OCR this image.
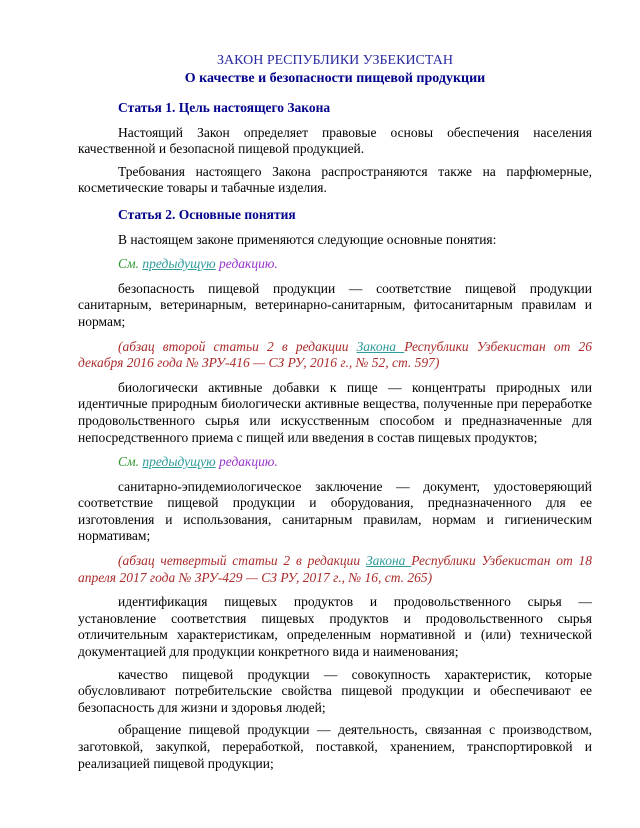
ЗАКОН РЕСПУБЛИКИ УЗБЕКИСТАН

О качестве и безопасности пищевой продукции

Статья 1. Цель настоящего Закона

Настоящий Закон определяет правовые основы обеспечения населения качественной и безопасной пищевой продукцией.

Требования настоящего Закона распространяются также на парфюмерные, косметические товары и табачные изделия.

Статья 2. Основные понятия

В настоящем законе применяются следующие основные понятия:

См. предыдущую редакцию.

безопасность пищевой продукции — соответствие пищевой продукции санитарным, ветеринарным, ветеринарно-санитарным, фитосанитарным правилам и нормам;

(абзац второй статьи 2 в редакции Закона Республики Узбекистан от 26 декабря 2016 года № ЗРУ-416 — СЗ РУ, 2016 г., № 52, ст. 597)

биологически активные добавки к пище — концентраты природных или идентичные природным биологически активные вещества, полученные при переработке продовольственного сырья или искусственным способом и предназначенные для непосредственного приема с пищей или введения в состав пищевых продуктов;

См. предыдущую редакцию.

санитарно-эпидемиологическое заключение — документ, удостоверяющий соответствие пищевой продукции и оборудования, предназначенного для ее изготовления и использования, санитарным правилам, нормам и гигиеническим нормативам;

(абзац четвертый статьи 2 в редакции Закона Республики Узбекистан от 18 апреля 2017 года № ЗРУ-429 — СЗ РУ, 2017 г., № 16, ст. 265)

идентификация пищевых продуктов и продовольственного сырья — установление соответствия пищевых продуктов и продовольственного сырья отличительным характеристикам, определенным нормативной и (или) технической документацией для продукции конкретного вида и наименования;

качество пищевой продукции — совокупность характеристик, которые обусловливают потребительские свойства пищевой продукции и обеспечивают ее безопасность для жизни и здоровья людей;

обращение пищевой продукции — деятельность, связанная с производством, заготовкой, закупкой, переработкой, поставкой, хранением, транспортировкой и реализацией пищевой продукции;
